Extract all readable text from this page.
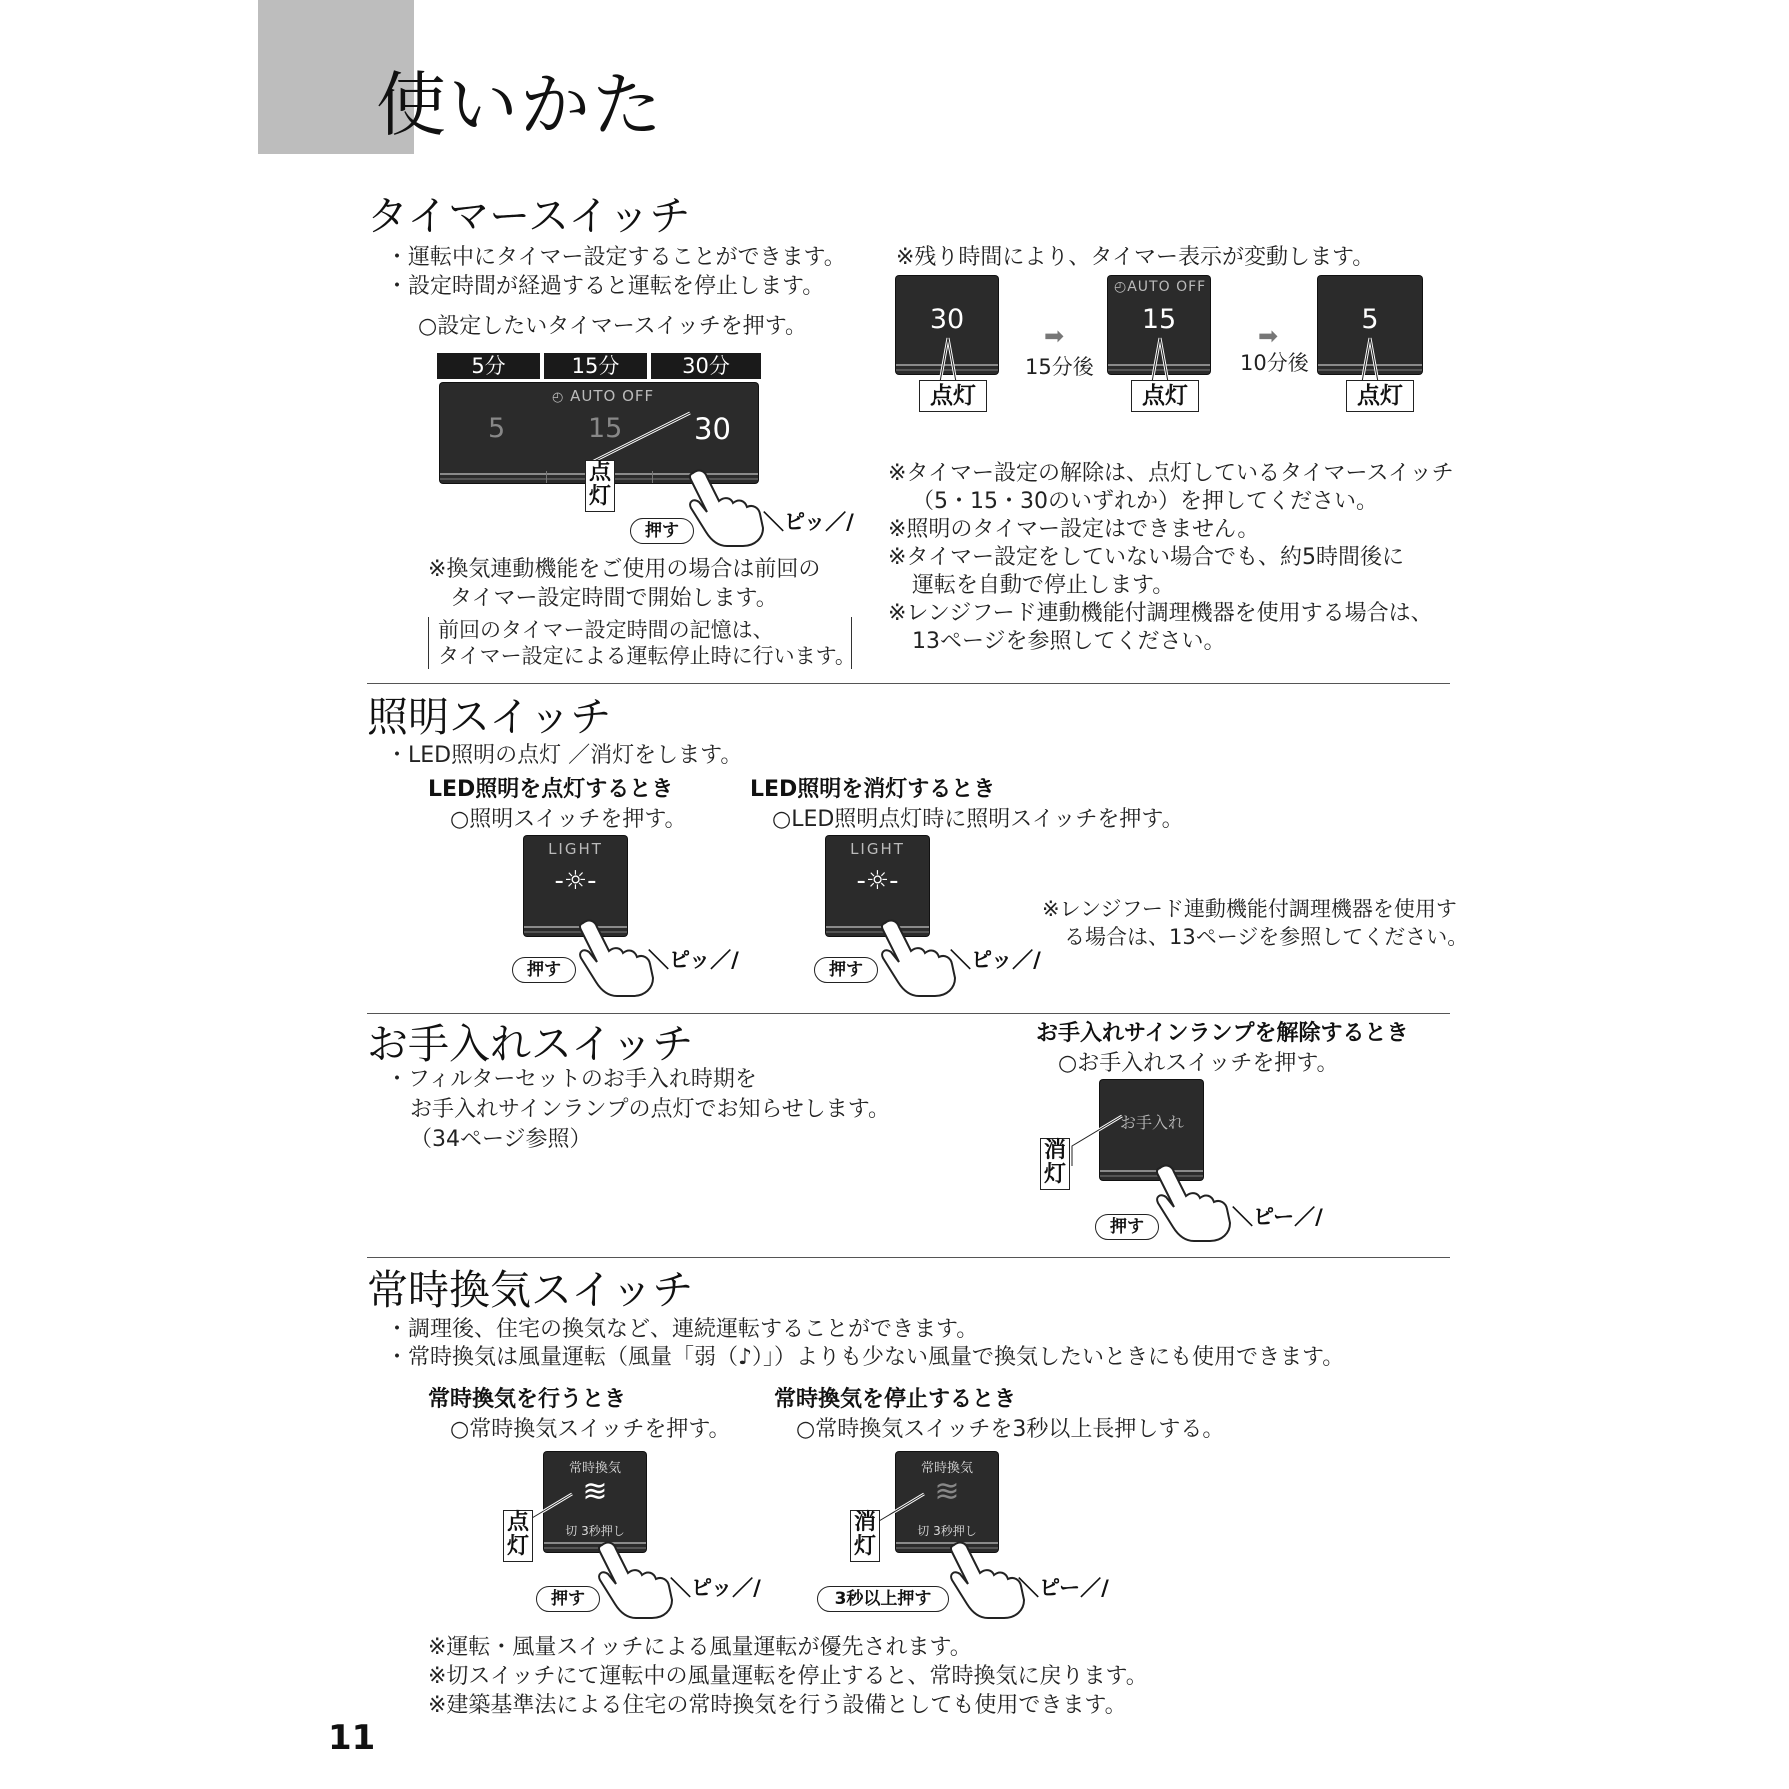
使いかた
タイマースイッチ
・運転中にタイマー設定することができます。
・設定時間が経過すると運転を停止します。
○設定したいタイマースイッチを押す。
5分	15分	30分
◴ AUTO OFF
5	15 30
点灯
押す	＼ピッ／/
※換気連動機能をご使用の場合は前回の
タイマー設定時間で開始します。
前回のタイマー設定時間の記憶は、
タイマー設定による運転停止時に行います。
※残り時間により、タイマー表示が変動します。
30
◴AUTO OFF
15	5
点灯	点灯	点灯
➡
15分後
➡
10分後
※タイマー設定の解除は、点灯しているタイマースイッチ
（5・15・30のいずれか）を押してください。
※照明のタイマー設定はできません。
※タイマー設定をしていない場合でも、約5時間後に
運転を自動で停止します。
※レンジフード連動機能付調理機器を使用する場合は、
13ページを参照してください。
照明スイッチ
・LED照明の点灯 ／消灯をします。
LED照明を点灯するとき
○照明スイッチを押す。
LED照明を消灯するとき
○LED照明点灯時に照明スイッチを押す。
LIGHT
-☼-
押す	＼ピッ／/
LIGHT
-☼-
押す	＼ピッ／/
※レンジフード連動機能付調理機器を使用す
る場合は、13ページを参照してください。
お手入れスイッチ
・フィルターセットのお手入れ時期を
お手入れサインランプの点灯でお知らせします。
（34ページ参照）
お手入れサインランプを解除するとき
○お手入れスイッチを押す。
お手入れ
消灯
押す	＼ピー／/
常時換気スイッチ
・調理後、住宅の換気など、連続運転することができます。
・常時換気は風量運転（風量「弱（♪）」）よりも少ない風量で換気したいときにも使用できます。
常時換気を行うとき
○常時換気スイッチを押す。
常時換気を停止するとき
○常時換気スイッチを3秒以上長押しする。
常時換気
≋
切 3秒押し
点灯
押す	＼ピッ／/
常時換気
≋
切 3秒押し
消灯
3秒以上押す	＼ピー／/
※運転・風量スイッチによる風量運転が優先されます。
※切スイッチにて運転中の風量運転を停止すると、常時換気に戻ります。
※建築基準法による住宅の常時換気を行う設備としても使用できます。
11
